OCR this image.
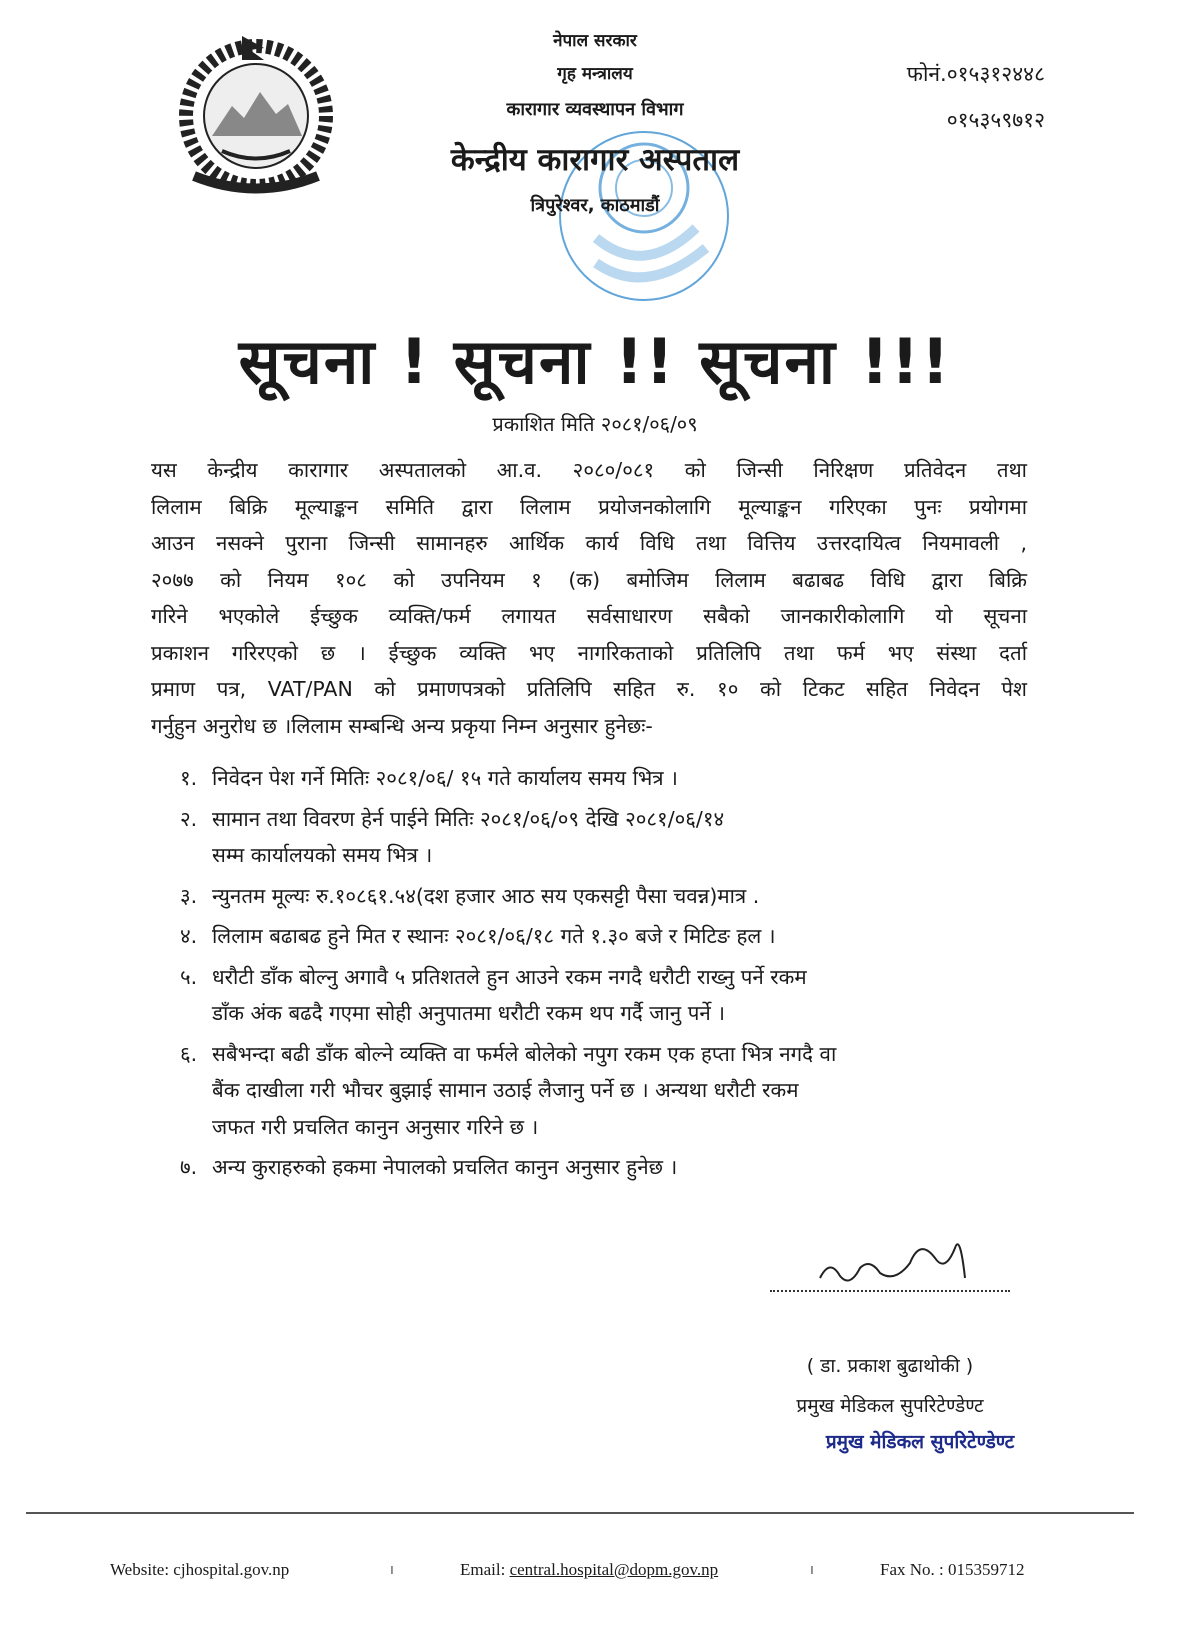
नेपाल सरकार
गृह मन्त्रालय
कारागार व्यवस्थापन विभाग
केन्द्रीय कारागार अस्पताल
त्रिपुरेश्वर, काठमाडौं
फोनं.०१५३१२४४८
०१५३५९७१२
सूचना ! सूचना !! सूचना !!!
प्रकाशित मिति २०८१/०६/०९
यस केन्द्रीय कारागार अस्पतालको आ.व. २०८०/०८१ को जिन्सी निरिक्षण प्रतिवेदन तथा
लिलाम बिक्रि मूल्याङ्कन समिति द्वारा लिलाम प्रयोजनकोलागि मूल्याङ्कन गरिएका पुनः प्रयोगमा
आउन नसक्ने पुराना जिन्सी सामानहरु आर्थिक कार्य विधि तथा वित्तिय उत्तरदायित्व नियमावली ,
२०७७ को नियम १०८ को उपनियम १ (क) बमोजिम लिलाम बढाबढ विधि द्वारा बिक्रि
गरिने भएकोले ईच्छुक व्यक्ति/फर्म लगायत सर्वसाधारण सबैको जानकारीकोलागि यो सूचना
प्रकाशन गरिरएको छ । ईच्छुक व्यक्ति भए नागरिकताको प्रतिलिपि तथा फर्म भए संस्था दर्ता
प्रमाण पत्र, VAT/PAN को प्रमाणपत्रको प्रतिलिपि सहित रु. १० को टिकट सहित निवेदन पेश
गर्नुहुन अनुरोध छ ।लिलाम सम्बन्धि अन्य प्रकृया निम्न अनुसार हुनेछः-
१. निवेदन पेश गर्ने मितिः २०८१/०६/ १५ गते कार्यालय समय भित्र ।
२. सामान तथा विवरण हेर्न पाईने मितिः २०८१/०६/०९ देखि २०८१/०६/१४
सम्म कार्यालयको समय भित्र ।
३. न्युनतम मूल्यः रु.१०८६१.५४(दश हजार आठ सय एकसट्टी पैसा चवन्न)मात्र .
४. लिलाम बढाबढ हुने मित र स्थानः २०८१/०६/१८ गते १.३० बजे र मिटिङ हल ।
५. धरौटी डाँक बोल्नु अगावै ५ प्रतिशतले हुन आउने रकम नगदै धरौटी राख्नु पर्ने रकम
डाँक अंक बढदै गएमा सोही अनुपातमा धरौटी रकम थप गर्दै जानु पर्ने ।
६. सबैभन्दा बढी डाँक बोल्ने व्यक्ति वा फर्मले बोलेको नपुग रकम एक हप्ता भित्र नगदै वा
बैंक दाखीला गरी भौचर बुझाई सामान उठाई लैजानु पर्ने छ । अन्यथा धरौटी रकम
जफत गरी प्रचलित कानुन अनुसार गरिने छ ।
७. अन्य कुराहरुको हकमा नेपालको प्रचलित कानुन अनुसार हुनेछ ।
( डा. प्रकाश बुढाथोकी )
प्रमुख मेडिकल सुपरिटेण्डेण्ट
प्रमुख मेडिकल सुपरिटेण्डेण्ट
Website: cjhospital.gov.np	ı	Email: central.hospital@dopm.gov.np	ı	Fax No. : 015359712
